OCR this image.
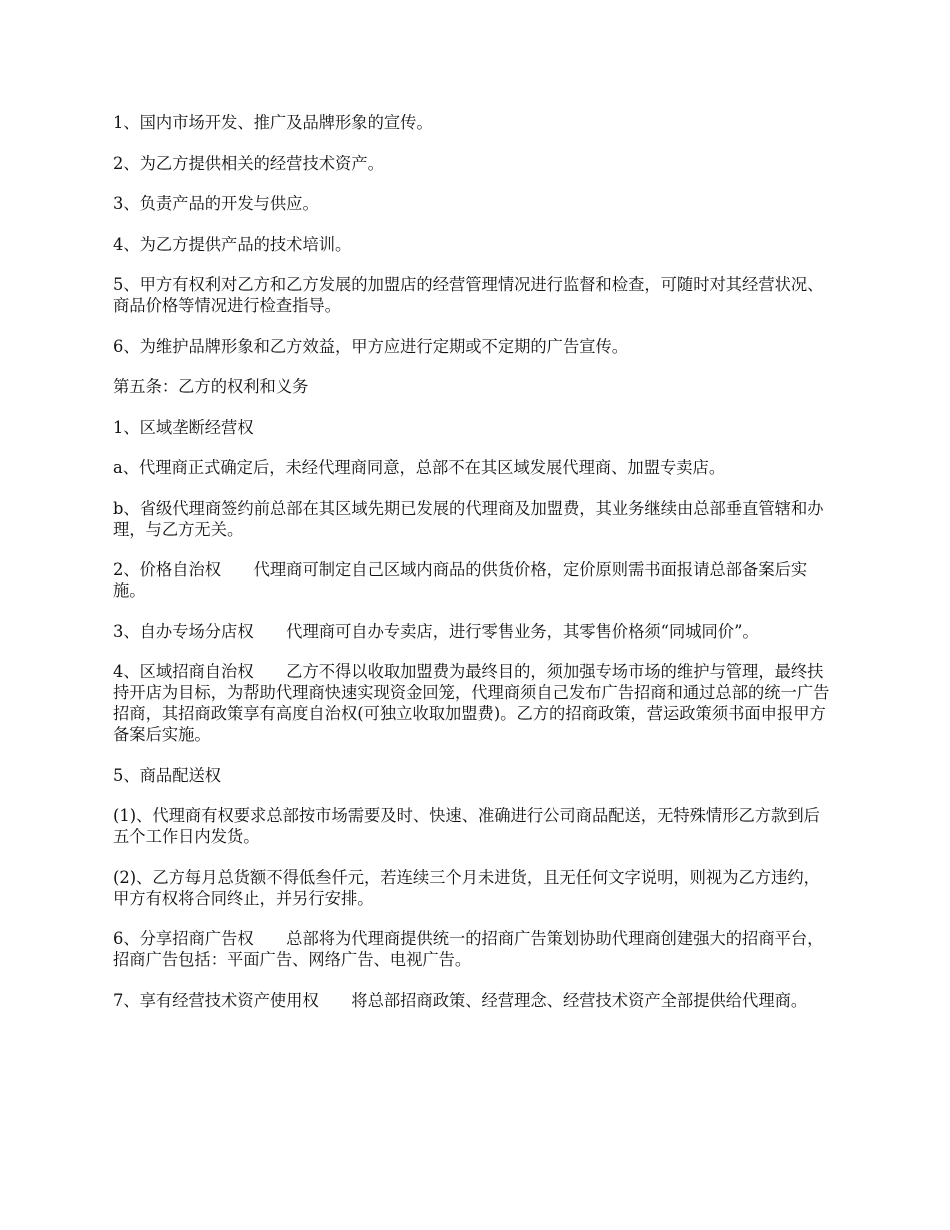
1、国内市场开发、推广及品牌形象的宣传。

2、为乙方提供相关的经营技术资产。

3、负责产品的开发与供应。

4、为乙方提供产品的技术培训。

5、甲方有权利对乙方和乙方发展的加盟店的经营管理情况进行监督和检查，可随时对其经营状况、商品价格等情况进行检查指导。

6、为维护品牌形象和乙方效益，甲方应进行定期或不定期的广告宣传。

第五条：乙方的权利和义务

1、区域垄断经营权

a、代理商正式确定后，未经代理商同意，总部不在其区域发展代理商、加盟专卖店。

b、省级代理商签约前总部在其区域先期已发展的代理商及加盟费，其业务继续由总部垂直管辖和办理，与乙方无关。

2、价格自治权　　代理商可制定自己区域内商品的供货价格，定价原则需书面报请总部备案后实施。

3、自办专场分店权　　代理商可自办专卖店，进行零售业务，其零售价格须“同城同价”。

4、区域招商自治权　　乙方不得以收取加盟费为最终目的，须加强专场市场的维护与管理，最终扶持开店为目标，为帮助代理商快速实现资金回笼，代理商须自己发布广告招商和通过总部的统一广告招商，其招商政策享有高度自治权(可独立收取加盟费)。乙方的招商政策，营运政策须书面申报甲方备案后实施。

5、商品配送权

(1)、代理商有权要求总部按市场需要及时、快速、准确进行公司商品配送，无特殊情形乙方款到后五个工作日内发货。

(2)、乙方每月总货额不得低叁仟元，若连续三个月未进货，且无任何文字说明，则视为乙方违约，甲方有权将合同终止，并另行安排。

6、分享招商广告权　　总部将为代理商提供统一的招商广告策划协助代理商创建强大的招商平台，招商广告包括：平面广告、网络广告、电视广告。

7、享有经营技术资产使用权　　将总部招商政策、经营理念、经营技术资产全部提供给代理商。
